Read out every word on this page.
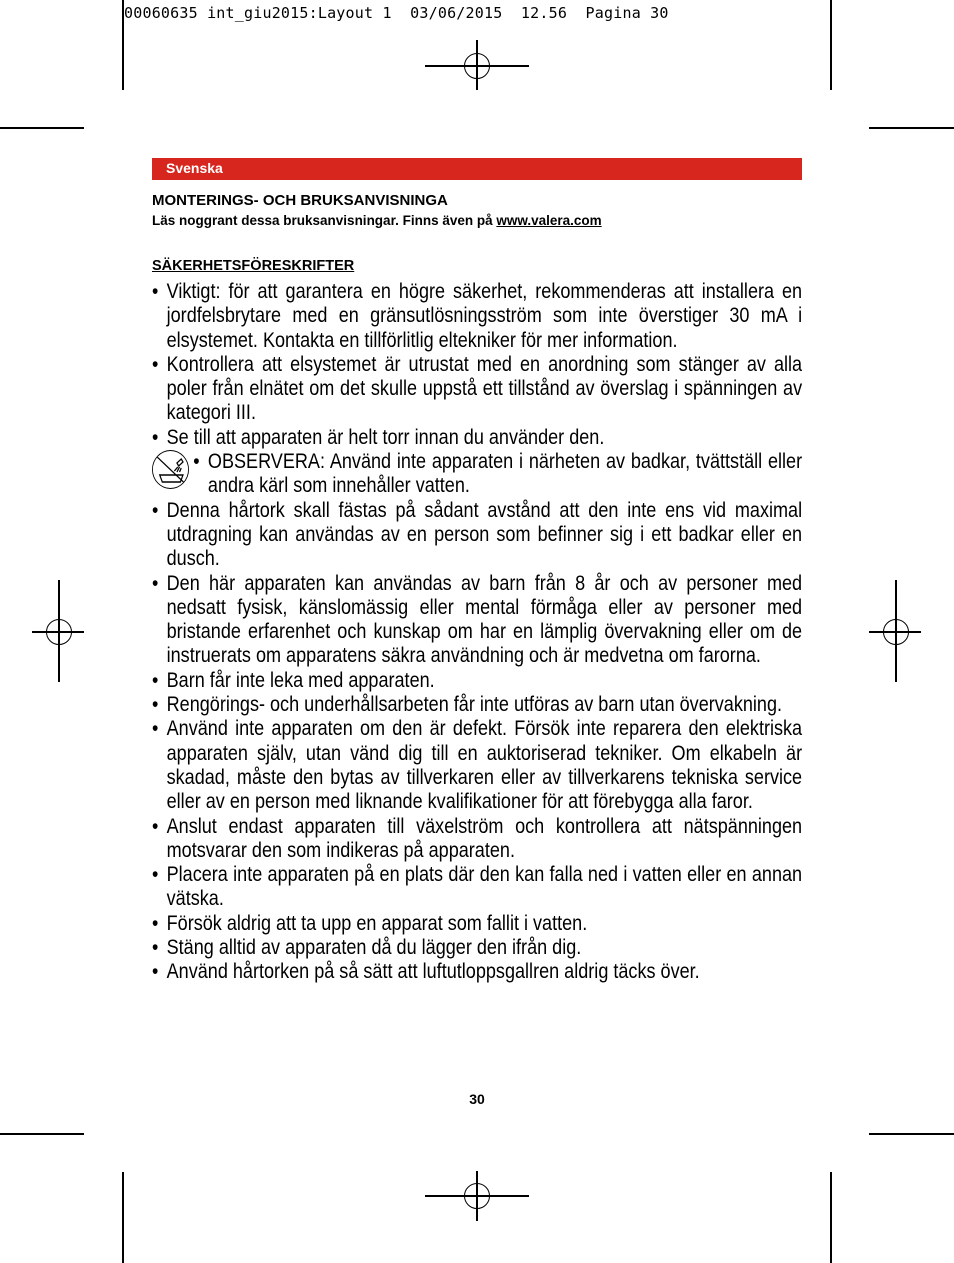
00060635 int_giu2015:Layout 1  03/06/2015  12.56  Pagina 30
Svenska
MONTERINGS- OCH BRUKSANVISNINGA
Läs noggrant dessa bruksanvisningar. Finns även på www.valera.com
SÄKERHETSFÖRESKRIFTER
• Viktigt: för att garantera en högre säkerhet, rekommenderas att installera en jordfelsbrytare med en gränsutlösningsström som inte överstiger 30 mA i elsystemet. Kontakta en tillförlitlig eltekniker för mer information.
• Kontrollera att elsystemet är utrustat med en anordning som stänger av alla poler från elnätet om det skulle uppstå ett tillstånd av överslag i spänningen av kategori III.
• Se till att apparaten är helt torr innan du använder den.
• OBSERVERA: Använd inte apparaten i närheten av badkar, tvättställ eller andra kärl som innehåller vatten.
• Denna hårtork skall fästas på sådant avstånd att den inte ens vid maximal utdragning kan användas av en person som befinner sig i ett badkar eller en dusch.
• Den här apparaten kan användas av barn från 8 år och av personer med nedsatt fysisk, känslomässig eller mental förmåga eller av personer med bristande erfarenhet och kunskap om har en lämplig övervakning eller om de instruerats om apparatens säkra användning och är medvetna om farorna.
• Barn får inte leka med apparaten.
• Rengörings- och underhållsarbeten får inte utföras av barn utan övervakning.
• Använd inte apparaten om den är defekt. Försök inte reparera den elektriska apparaten själv, utan vänd dig till en auktoriserad tekniker. Om elkabeln är skadad, måste den bytas av tillverkaren eller av tillverkarens tekniska service eller av en person med liknande kvalifikationer för att förebygga alla faror.
• Anslut endast apparaten till växelström och kontrollera att nätspänningen motsvarar den som indikeras på apparaten.
• Placera inte apparaten på en plats där den kan falla ned i vatten eller en annan vätska.
• Försök aldrig att ta upp en apparat som fallit i vatten.
• Stäng alltid av apparaten då du lägger den ifrån dig.
• Använd hårtorken på så sätt att luftutloppsgallren aldrig täcks över.
30
